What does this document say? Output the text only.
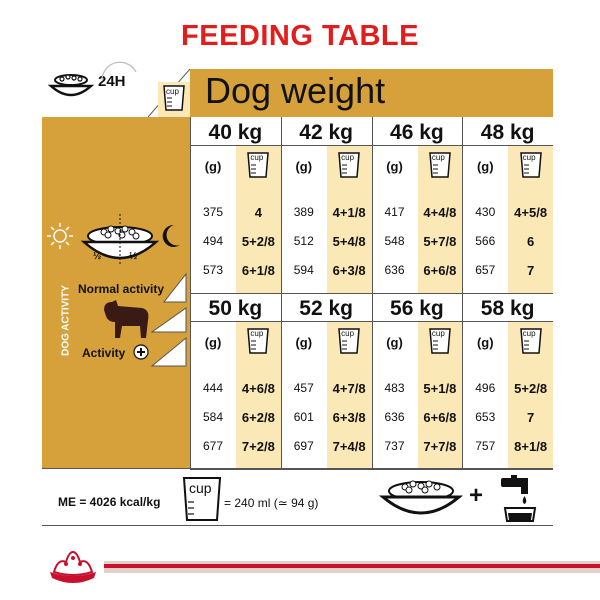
FEEDING TABLE
24H
cup Dog weight
DOG ACTIVITY
½	½
Normal activity
Activity
40 kg	42 kg	46 kg	48 kg
(g)
cup
(g)
cup
(g)
cup
(g)
cup
375	4	389	4+1/8	417	4+4/8	430	4+5/8
494	5+2/8	512	5+4/8	548	5+7/8	566	6
573	6+1/8	594	6+3/8	636	6+6/8	657	7
50 kg	52 kg	56 kg	58 kg
(g)
cup
(g)
cup
(g)
cup
(g)
cup
444	4+6/8	457	4+7/8	483	5+1/8	496	5+2/8
584	6+2/8	601	6+3/8	636	6+6/8	653	7
677	7+2/8	697	7+4/8	737	7+7/8	757	8+1/8
ME = 4026 kcal/kg
cup
= 240 ml (≃ 94 g)	+
